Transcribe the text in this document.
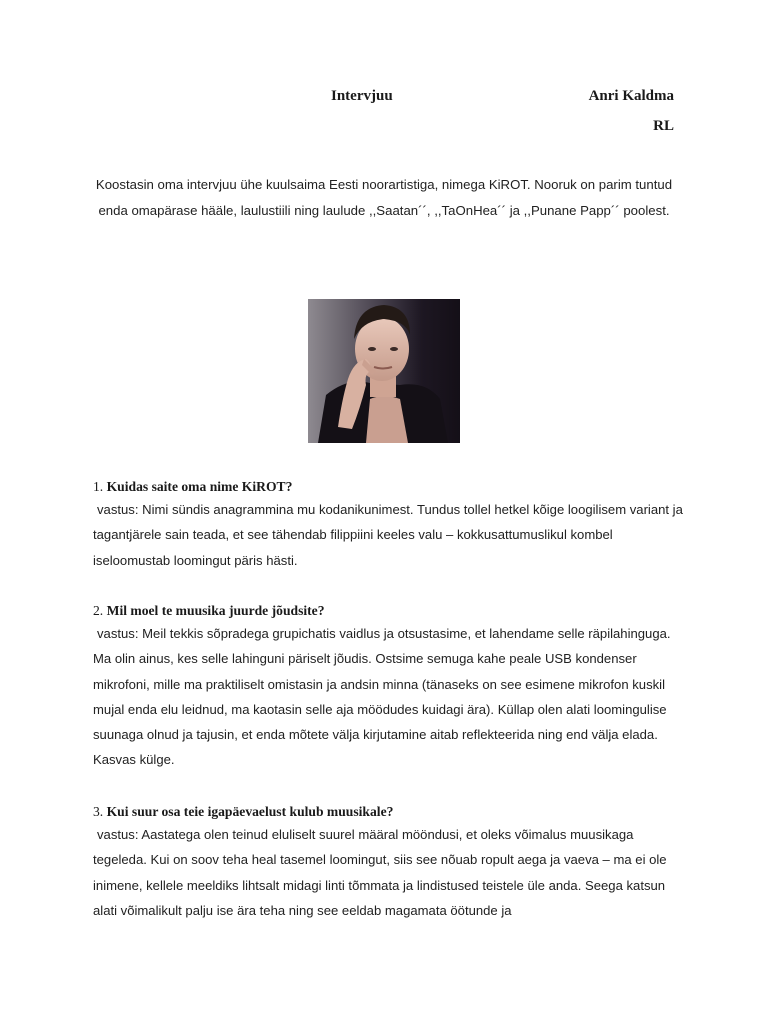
Intervjuu	Anri Kaldma
RL
Koostasin oma intervjuu ühe kuulsaima Eesti noorartistiga, nimega KiROT. Nooruk on parim tuntud enda omapärase hääle, laulustiili ning laulude ,,Saatan´´, ,,TaOnHea´´ ja ,,Punane Papp´´ poolest.

1. Kuidas saite oma nime KiROT?

vastus: Nimi sündis anagrammina mu kodanikunimest. Tundus tollel hetkel kõige loogilisem variant ja tagantjärele sain teada, et see tähendab filippiini keeles valu – kokkusattumuslikul kombel iseloomustab loomingut päris hästi.

2. Mil moel te muusika juurde jõudsite?

vastus: Meil tekkis sõpradega grupichatis vaidlus ja otsustasime, et lahendame selle räpilahinguga. Ma olin ainus, kes selle lahinguni päriselt jõudis. Ostsime semuga kahe peale USB kondenser mikrofoni, mille ma praktiliselt omistasin ja andsin minna (tänaseks on see esimene mikrofon kuskil mujal enda elu leidnud, ma kaotasin selle aja möödudes kuidagi ära). Küllap olen alati loomingulise suunaga olnud ja tajusin, et enda mõtete välja kirjutamine aitab reflekteerida ning end välja elada. Kasvas külge.

3. Kui suur osa teie igapäevaelust kulub muusikale?

vastus: Aastatega olen teinud eluliselt suurel määral mööndusi, et oleks võimalus muusikaga tegeleda. Kui on soov teha heal tasemel loomingut, siis see nõuab ropult aega ja vaeva – ma ei ole inimene, kellele meeldiks lihtsalt midagi linti tõmmata ja lindistused teistele üle anda. Seega katsun alati võimalikult palju ise ära teha ning see eeldab magamata öötunde ja
